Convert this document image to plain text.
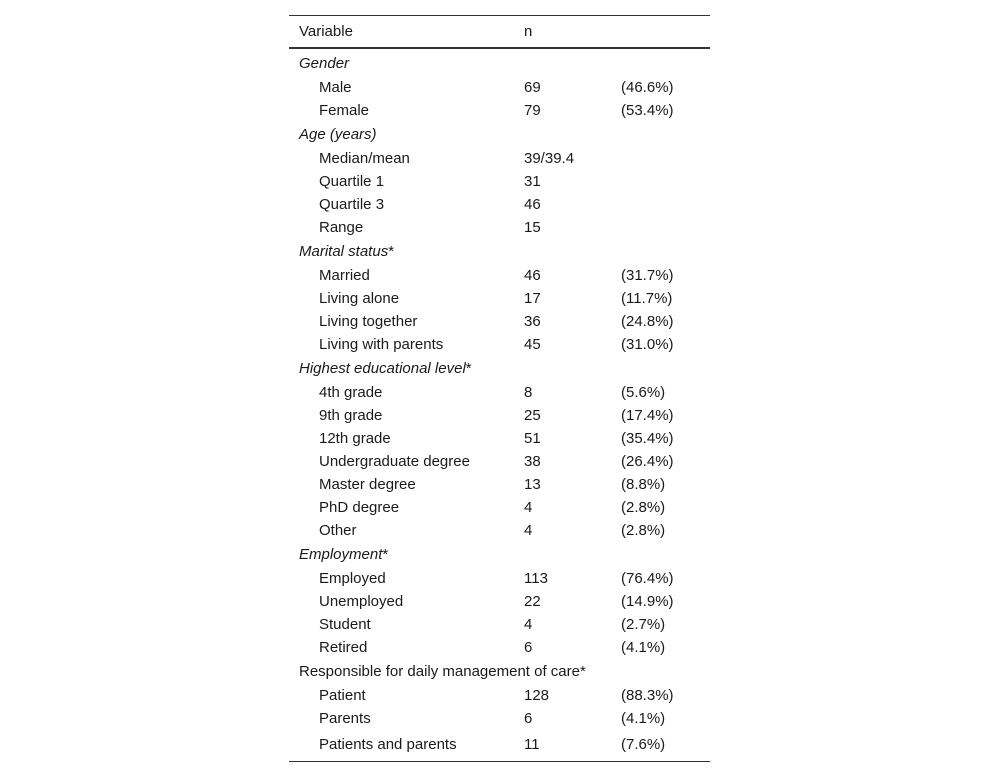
Variable	n	
Gender		
Male	69	(46.6%)
Female	79	(53.4%)
Age (years)		
Median/mean	39/39.4	
Quartile 1	31	
Quartile 3	46	
Range	15	
Marital status*		
Married	46	(31.7%)
Living alone	17	(11.7%)
Living together	36	(24.8%)
Living with parents	45	(31.0%)
Highest educational level*		
4th grade	8	(5.6%)
9th grade	25	(17.4%)
12th grade	51	(35.4%)
Undergraduate degree	38	(26.4%)
Master degree	13	(8.8%)
PhD degree	4	(2.8%)
Other	4	(2.8%)
Employment*		
Employed	113	(76.4%)
Unemployed	22	(14.9%)
Student	4	(2.7%)
Retired	6	(4.1%)
Responsible for daily management of care*		
Patient	128	(88.3%)
Parents	6	(4.1%)
Patients and parents	11	(7.6%)
